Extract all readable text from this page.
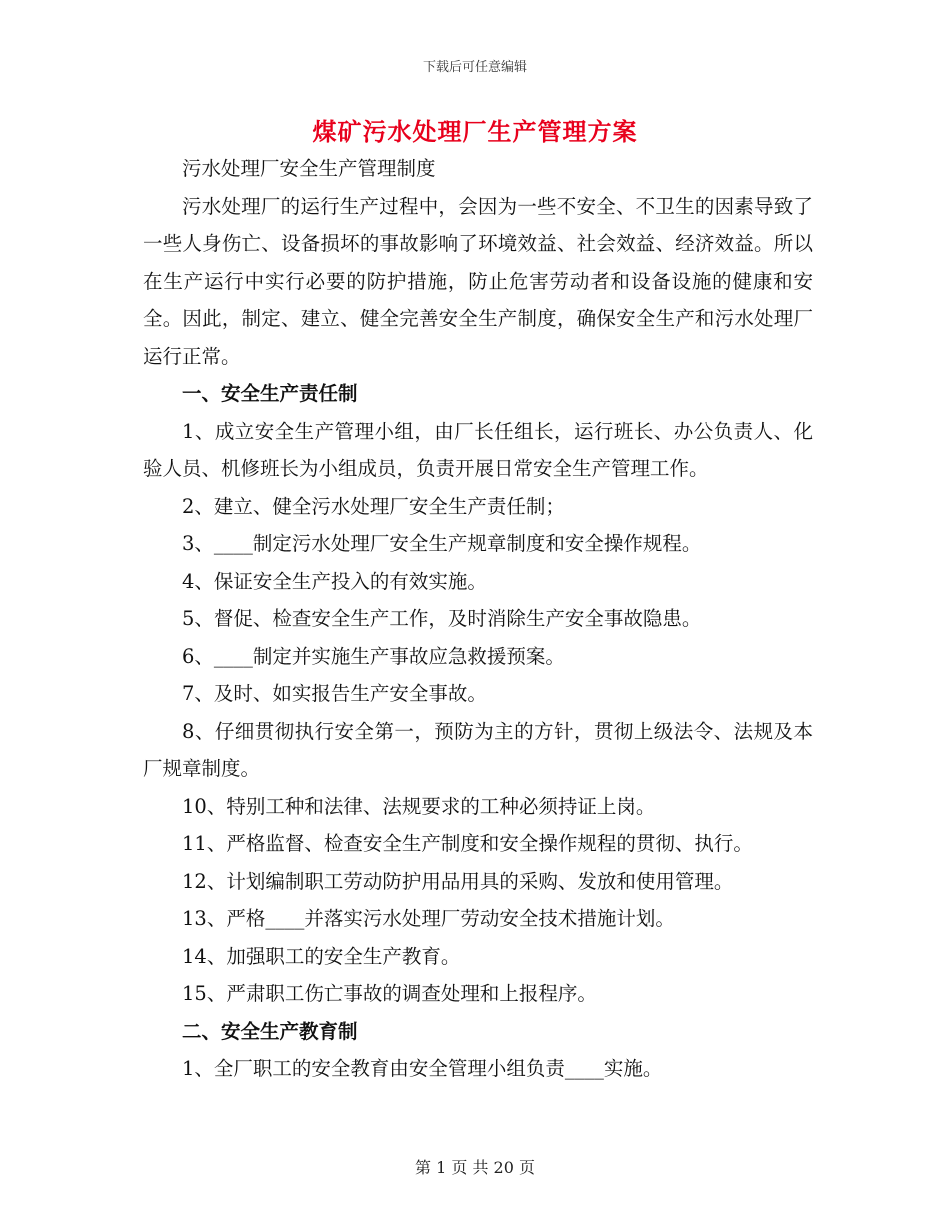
下载后可任意编辑
煤矿污水处理厂生产管理方案

污水处理厂安全生产管理制度

污水处理厂的运行生产过程中，会因为一些不安全、不卫生的因素导致了一些人身伤亡、设备损坏的事故影响了环境效益、社会效益、经济效益。所以在生产运行中实行必要的防护措施，防止危害劳动者和设备设施的健康和安全。因此，制定、建立、健全完善安全生产制度，确保安全生产和污水处理厂运行正常。

一、安全生产责任制

1、成立安全生产管理小组，由厂长任组长，运行班长、办公负责人、化验人员、机修班长为小组成员，负责开展日常安全生产管理工作。

2、建立、健全污水处理厂安全生产责任制；

3、____制定污水处理厂安全生产规章制度和安全操作规程。

4、保证安全生产投入的有效实施。

5、督促、检查安全生产工作，及时消除生产安全事故隐患。

6、____制定并实施生产事故应急救援预案。

7、及时、如实报告生产安全事故。

8、仔细贯彻执行安全第一，预防为主的方针，贯彻上级法令、法规及本厂规章制度。

10、特别工种和法律、法规要求的工种必须持证上岗。

11、严格监督、检查安全生产制度和安全操作规程的贯彻、执行。

12、计划编制职工劳动防护用品用具的采购、发放和使用管理。

13、严格____并落实污水处理厂劳动安全技术措施计划。

14、加强职工的安全生产教育。

15、严肃职工伤亡事故的调查处理和上报程序。

二、安全生产教育制

1、全厂职工的安全教育由安全管理小组负责____实施。

第 1 页 共 20 页
